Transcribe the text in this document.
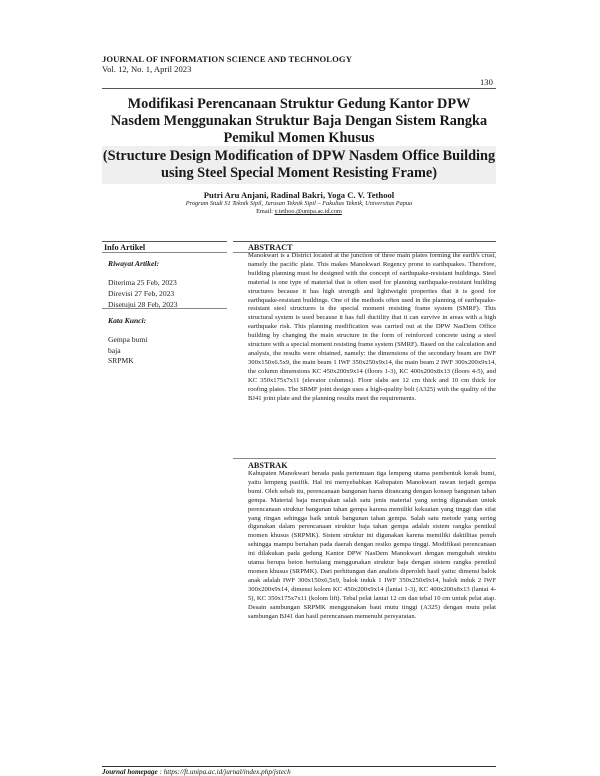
JOURNAL OF INFORMATION SCIENCE AND TECHNOLOGY
Vol. 12, No. 1, April 2023
130
Modifikasi Perencanaan Struktur Gedung Kantor DPW Nasdem Menggunakan Struktur Baja Dengan Sistem Rangka Pemikul Momen Khusus
(Structure Design Modification of DPW Nasdem Office Building using Steel Special Moment Resisting Frame)
Putri Aru Anjani, Radinal Bakri, Yoga C. V. Tethool
Program Studi S1 Teknik Sipil, Jurusan Teknik Sipil – Fakultas Teknik, Universitas Papua
Email: y.tethoo.@unipa.ac.id.com
Info Artikel	ABSTRACT
Riwayat Artikel:
Diterima 25 Feb, 2023
Direvisi 27 Feb, 2023
Disetujui 28 Feb, 2023
Kata Kunci:
Gempa bumi
baja
SRPMK
Manokwari is a District located at the junction of three main plates forming the earth's crust, namely the pacific plate. This makes Manokwari Regency prone to earthquakes. Therefore, building planning must be designed with the concept of earthquake-resistant buildings. Steel material is one type of material that is often used for planning earthquake-resistant building structures because it has high strength and lightweight properties that it is good for earthquake-resistant buildings. One of the methods often used in the planning of earthquake-resistant steel structures is the special moment resisting frame system (SMRF). This structural system is used because it has full ductility that it can survive in areas with a high earthquake risk. This planning modification was carried out at the DPW NasDem Office building by changing the main structure in the form of reinforced concrete using a steel structure with a special moment resisting frame system (SMRF). Based on the calculation and analysis, the results were obtained, namely: the dimensions of the secondary beam are IWF 300x150x6.5x9, the main beam 1 IWF 350x250x9x14, the main beam 2 IWF 300x200x9x14, the column dimensions KC 450x200x9x14 (floors 1-3), KC 400x200x8x13 (floors 4-5), and KC 350x175x7x11 (elevator columns). Floor slabs are 12 cm thick and 10 cm thick for roofing plates. The SRMF joint design uses a high-quality bolt (A325) with the quality of the BJ41 joint plate and the planning results meet the requirements.
ABSTRAK
Kabupaten Manokwari berada pada pertemuan tiga lempeng utama pembentuk kerak bumi, yaitu lempeng pasifik. Hal ini menyebabkan Kabupaten Manokwari rawan terjadi gempa bumi. Oleh sebab itu, perencanaan bangunan harus dirancang dengan konsep bangunan tahan gempa. Material baja merupakan salah satu jenis material yang sering digunakan untuk perencanaan struktur bangunan tahan gempa karena memiliki kekuatan yang tinggi dan sifat yang ringan sehingga baik untuk bangunan tahan gempa. Salah satu metode yang sering digunakan dalam perencanaan struktur baja tahan gempa adalah sistem rangka pemikul momen khusus (SRPMK). Sistem struktur ini digunakan karena memiliki daktilitas penuh sehingga mampu bertahan pada daerah dengan resiko gempa tinggi. Modifikasi perencanaan ini dilakukan pada gedung Kantor DPW NasDem Manokwari dengan mengubah struktu utama berupa beton bertulang menggunakan struktur baja dengan sistem rangka pemikul momen khusus (SRPMK). Dari perhitungan dan analisis diperoleh hasil yaitu: dimensi balok anak adalah IWF 300x150x6,5x9, balok induk 1 IWF 350x250x9x14, balok induk 2 IWF 300x200x9x14, dimensi kolom KC 450x200x9x14 (lantai 1-3), KC 400x200x8x13 (lantai 4-5), KC 350x175x7x11 (kolom lift). Tebal pelat lantai 12 cm dan tebal 10 cm untuk pelat atap. Desain sambungan SRPMK menggunakan baut mutu tinggi (A325) dengan mutu pelat sambungan BJ41 dan hasil perencanaan memenuhi persyaratan.
Journal homepage : https://ft.unipa.ac.id/jurnal/index.php/jstech
